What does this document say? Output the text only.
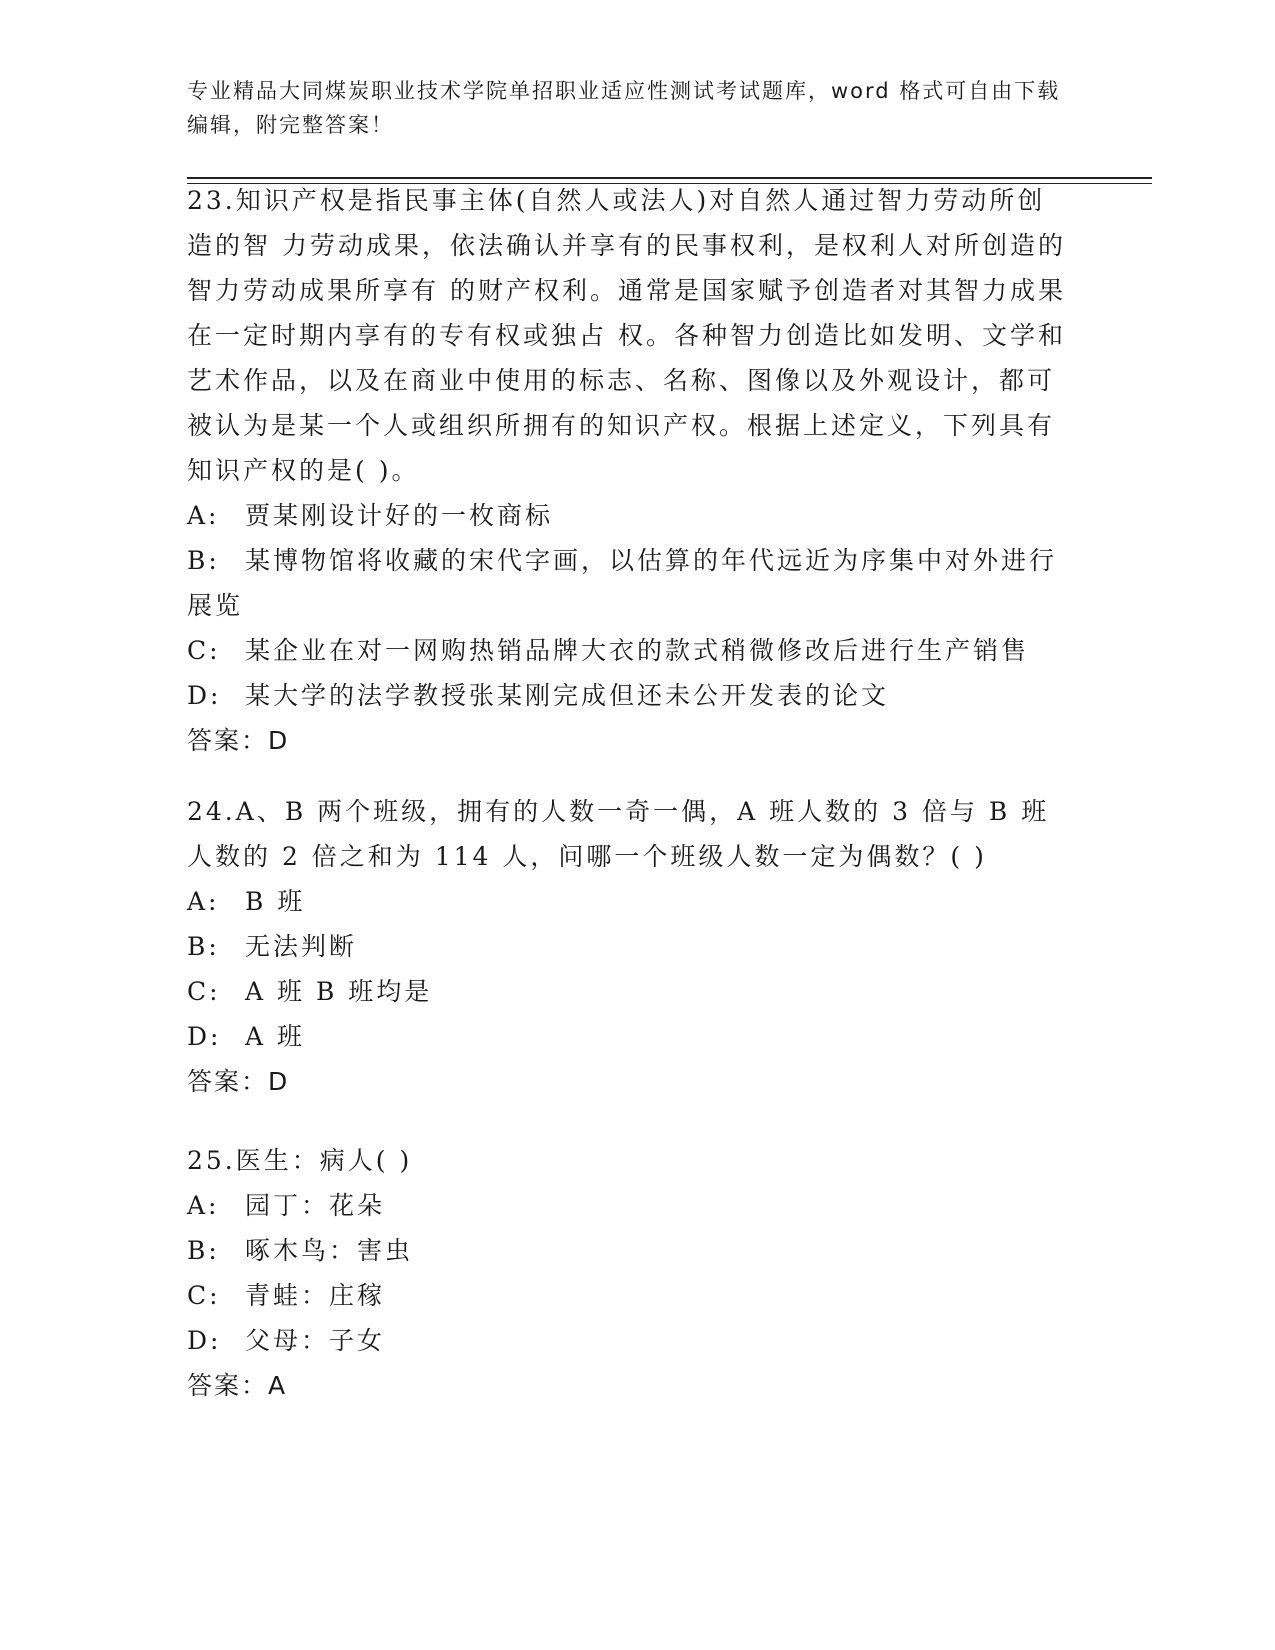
专业精品大同煤炭职业技术学院单招职业适应性测试考试题库，word 格式可自由下载编辑，附完整答案！

23.知识产权是指民事主体(自然人或法人)对自然人通过智力劳动所创造的智 力劳动成果，依法确认并享有的民事权利，是权利人对所创造的智力劳动成果所享有 的财产权利。通常是国家赋予创造者对其智力成果在一定时期内享有的专有权或独占 权。各种智力创造比如发明、文学和艺术作品，以及在商业中使用的标志、名称、图像以及外观设计，都可被认为是某一个人或组织所拥有的知识产权。根据上述定义，下列具有知识产权的是( )。

A:	贾某刚设计好的一枚商标

B:	某博物馆将收藏的宋代字画，以估算的年代远近为序集中对外进行展览

C: 某企业在对一网购热销品牌大衣的款式稍微修改后进行生产销售

D: 某大学的法学教授张某刚完成但还未公开发表的论文

答案：D

24.A、B 两个班级，拥有的人数一奇一偶，A 班人数的 3 倍与 B 班人数的 2 倍之和为 114 人，问哪一个班级人数一定为偶数？( )

A:	B 班

B:	无法判断

C: A 班 B 班均是

D: A 班

答案：D

25.医生：病人( )

A:	园丁：花朵

B:	啄木鸟：害虫

C: 青蛙：庄稼

D: 父母：子女

答案：A
